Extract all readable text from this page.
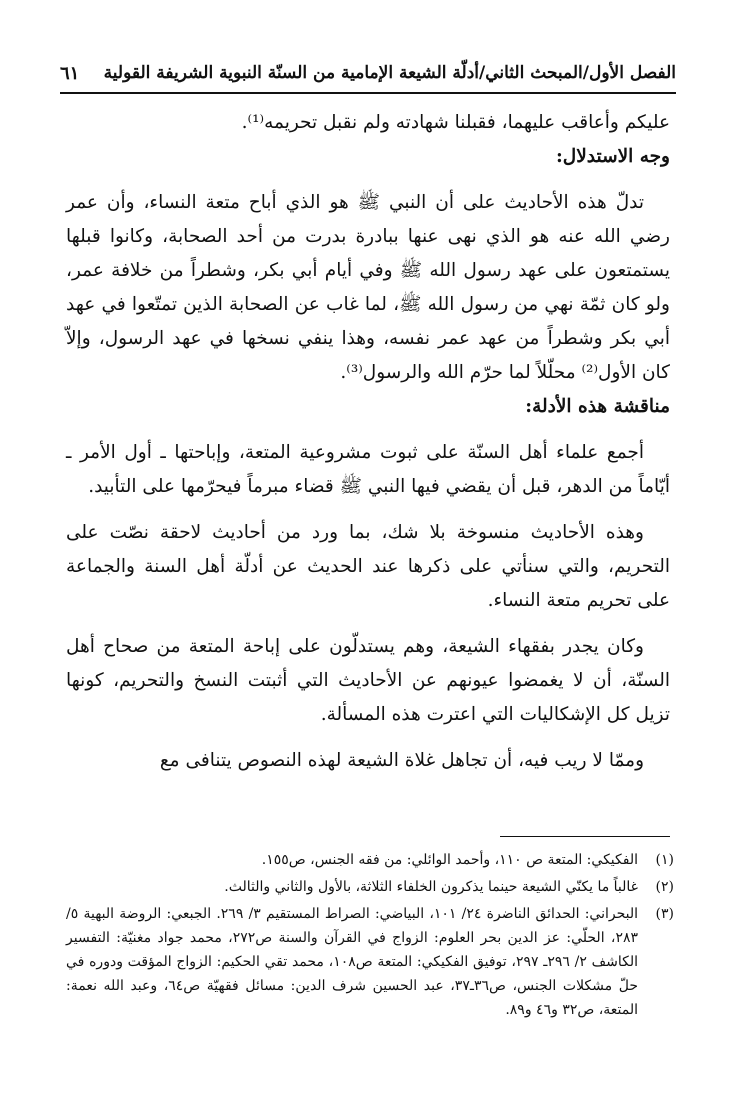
الفصل الأول/المبحث الثاني/أدلّة الشيعة الإمامية من السنّة النبوية الشريفة القولية
٦١

عليكم وأعاقب عليهما، فقبلنا شهادته ولم نقبل تحريمه⁽¹⁾.

وجه الاستدلال:

تدلّ هذه الأحاديث على أن النبي ﷺ هو الذي أباح متعة النساء، وأن عمر رضي الله عنه هو الذي نهى عنها ببادرة بدرت من أحد الصحابة، وكانوا قبلها يستمتعون على عهد رسول الله ﷺ وفي أيام أبي بكر، وشطراً من خلافة عمر، ولو كان ثمّة نهي من رسول الله ﷺ، لما غاب عن الصحابة الذين تمتّعوا في عهد أبي بكر وشطراً من عهد عمر نفسه، وهذا ينفي نسخها في عهد الرسول، وإلاّ كان الأول⁽²⁾ محلّلاً لما حرّم الله والرسول⁽³⁾.

مناقشة هذه الأدلة:

أجمع علماء أهل السنّة على ثبوت مشروعية المتعة، وإباحتها ـ أول الأمر ـ أيّاماً من الدهر، قبل أن يقضي فيها النبي ﷺ قضاء مبرماً فيحرّمها على التأبيد.

وهذه الأحاديث منسوخة بلا شك، بما ورد من أحاديث لاحقة نصّت على التحريم، والتي سنأتي على ذكرها عند الحديث عن أدلّة أهل السنة والجماعة على تحريم متعة النساء.

وكان يجدر بفقهاء الشيعة، وهم يستدلّون على إباحة المتعة من صحاح أهل السنّة، أن لا يغمضوا عيونهم عن الأحاديث التي أثبتت النسخ والتحريم، كونها تزيل كل الإشكاليات التي اعترت هذه المسألة.

وممّا لا ريب فيه، أن تجاهل غلاة الشيعة لهذه النصوص يتنافى مع

(١)
الفكيكي: المتعة ص ١١٠، وأحمد الوائلي: من فقه الجنس، ص١٥٥.
(٢)
غالباً ما يكنّي الشيعة حينما يذكرون الخلفاء الثلاثة، بالأول والثاني والثالث.
(٣)
البحراني: الحدائق الناضرة ٢٤/ ١٠١، البياضي: الصراط المستقيم ٣/ ٢٦٩. الجبعي: الروضة البهية ٥/ ٢٨٣، الحلّي: عز الدين بحر العلوم: الزواج في القرآن والسنة ص٢٧٢، محمد جواد مغنيّة: التفسير الكاشف ٢/ ٢٩٦ـ ٢٩٧، توفيق الفكيكي: المتعة ص١٠٨، محمد تقي الحكيم: الزواج المؤقت ودوره في حلّ مشكلات الجنس، ص٣٦ـ٣٧، عبد الحسين شرف الدين: مسائل فقهيّة ص٦٤، وعبد الله نعمة: المتعة، ص٣٢ و٤٦ و٨٩.
